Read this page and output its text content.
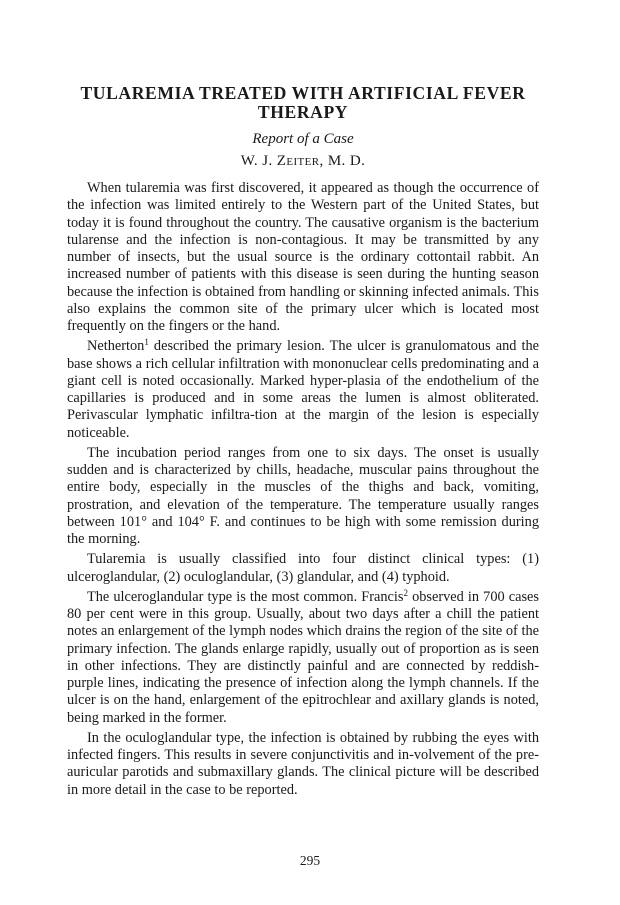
TULAREMIA TREATED WITH ARTIFICIAL FEVER THERAPY
Report of a Case
W. J. Zeiter, M. D.

When tularemia was first discovered, it appeared as though the occurrence of the infection was limited entirely to the Western part of the United States, but today it is found throughout the country. The causative organism is the bacterium tularense and the infection is non-contagious. It may be transmitted by any number of insects, but the usual source is the ordinary cottontail rabbit. An increased number of patients with this disease is seen during the hunting season because the infection is obtained from handling or skinning infected animals. This also explains the common site of the primary ulcer which is located most frequently on the fingers or the hand.

Netherton$^1$ described the primary lesion. The ulcer is granulomatous and the base shows a rich cellular infiltration with mononuclear cells predominating and a giant cell is noted occasionally. Marked hyper-plasia of the endothelium of the capillaries is produced and in some areas the lumen is almost obliterated. Perivascular lymphatic infiltra-tion at the margin of the lesion is especially noticeable.

The incubation period ranges from one to six days. The onset is usually sudden and is characterized by chills, headache, muscular pains throughout the entire body, especially in the muscles of the thighs and back, vomiting, prostration, and elevation of the temperature. The temperature usually ranges between 101° and 104° F. and continues to be high with some remission during the morning.

Tularemia is usually classified into four distinct clinical types: (1) ulceroglandular, (2) oculoglandular, (3) glandular, and (4) typhoid.

The ulceroglandular type is the most common. Francis$^2$ observed in 700 cases 80 per cent were in this group. Usually, about two days after a chill the patient notes an enlargement of the lymph nodes which drains the region of the site of the primary infection. The glands enlarge rapidly, usually out of proportion as is seen in other infections. They are distinctly painful and are connected by reddish-purple lines, indicating the presence of infection along the lymph channels. If the ulcer is on the hand, enlargement of the epitrochlear and axillary glands is noted, being marked in the former.

In the oculoglandular type, the infection is obtained by rubbing the eyes with infected fingers. This results in severe conjunctivitis and in-volvement of the pre-auricular parotids and submaxillary glands. The clinical picture will be described in more detail in the case to be reported.

295
